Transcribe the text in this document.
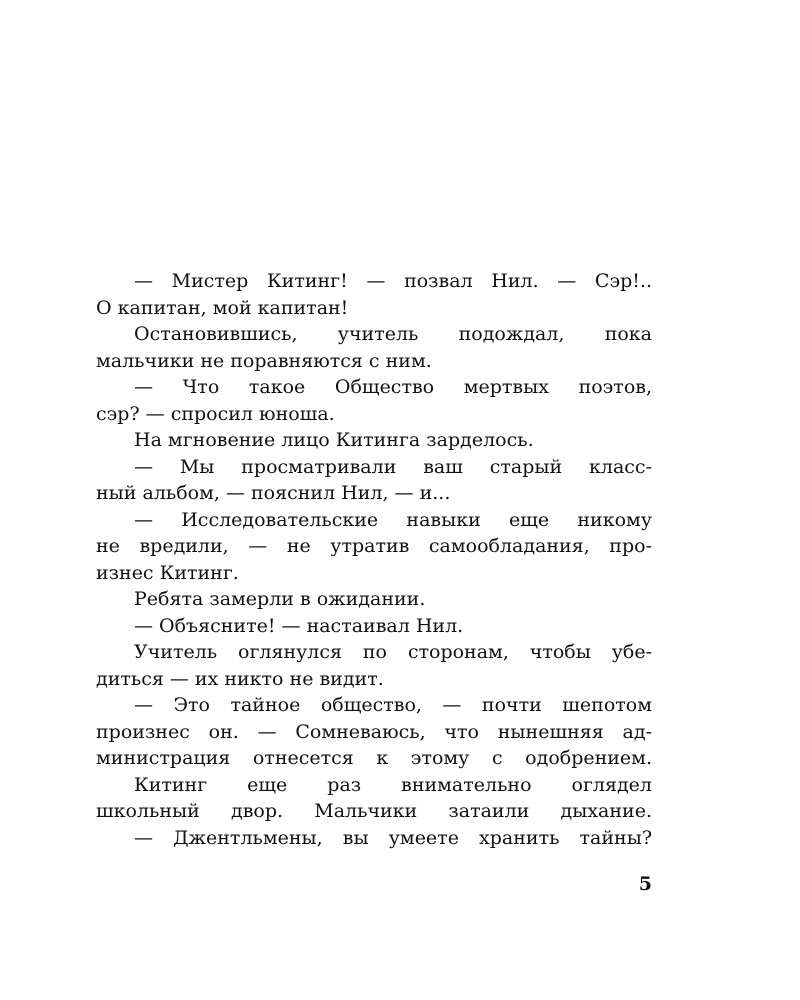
— Мистер Китинг! — позвал Нил. — Сэр!..
О капитан, мой капитан!
Остановившись, учитель подождал, пока
мальчики не поравняются с ним.
— Что такое Общество мертвых поэтов,
сэр? — спросил юноша.
На мгновение лицо Китинга зарделось.
— Мы просматривали ваш старый класс-
ный альбом, — пояснил Нил, — и...
— Исследовательские навыки еще никому
не вредили, — не утратив самообладания, про-
изнес Китинг.
Ребята замерли в ожидании.
— Объясните! — настаивал Нил.
Учитель оглянулся по сторонам, чтобы убе-
диться — их никто не видит.
— Это тайное общество, — почти шепотом
произнес он. — Сомневаюсь, что нынешняя ад-
министрация отнесется к этому с одобрением.
Китинг еще раз внимательно оглядел
школьный двор. Мальчики затаили дыхание.
— Джентльмены, вы умеете хранить тайны?
5
